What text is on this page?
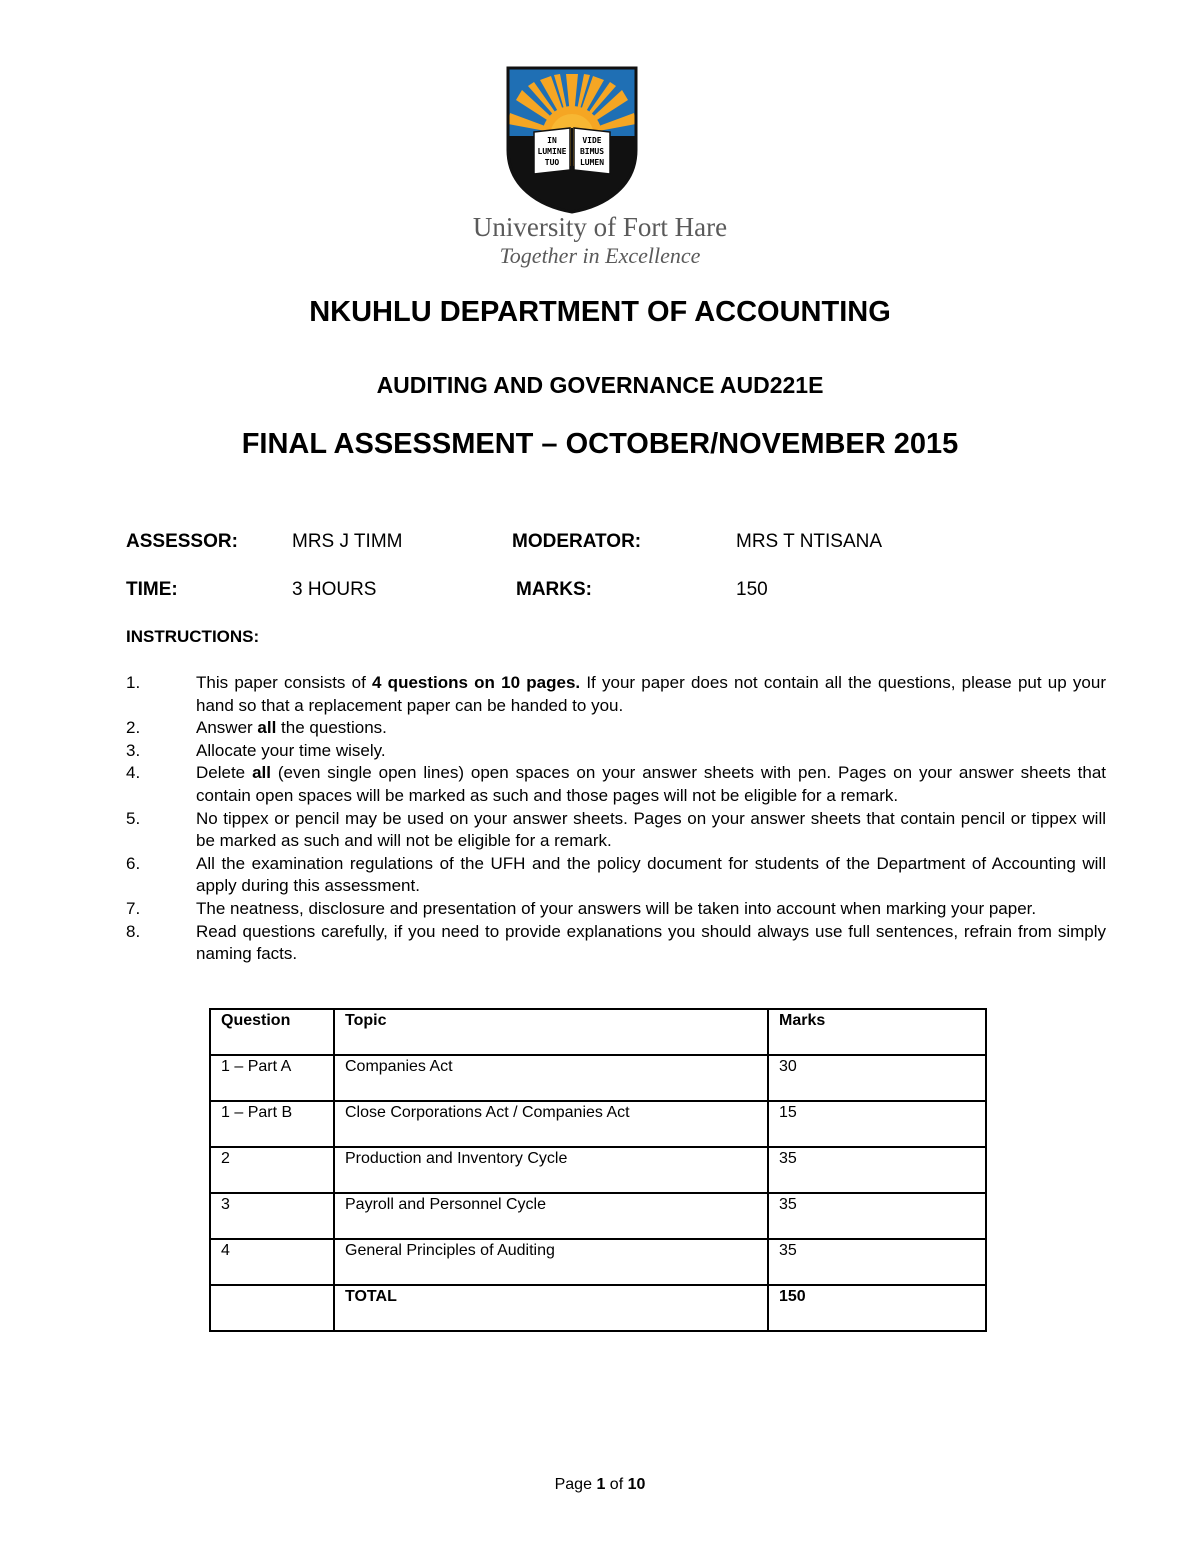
IN
LUMINE
TUO
VIDE
BIMUS
LUMEN
University of Fort Hare
Together in Excellence
NKUHLU DEPARTMENT OF ACCOUNTING
AUDITING AND GOVERNANCE AUD221E
FINAL ASSESSMENT – OCTOBER/NOVEMBER 2015
ASSESSOR:	MRS J TIMM	MODERATOR:	MRS T NTISANA
TIME:	3 HOURS	MARKS:	150
INSTRUCTIONS:
1.	This paper consists of 4 questions on 10 pages. If your paper does not contain all the questions, please put up your hand so that a replacement paper can be handed to you.
2.	Answer all the questions.
3.	Allocate your time wisely.
4.	Delete all (even single open lines) open spaces on your answer sheets with pen. Pages on your answer sheets that contain open spaces will be marked as such and those pages will not be eligible for a remark.
5.	No tippex or pencil may be used on your answer sheets. Pages on your answer sheets that contain pencil or tippex will be marked as such and will not be eligible for a remark.
6.	All the examination regulations of the UFH and the policy document for students of the Department of Accounting will apply during this assessment.
7.	The neatness, disclosure and presentation of your answers will be taken into account when marking your paper.
8.	Read questions carefully, if you need to provide explanations you should always use full sentences, refrain from simply naming facts.
Question	Topic	Marks
1 – Part A	Companies Act	30
1 – Part B	Close Corporations Act / Companies Act	15
2	Production and Inventory Cycle	35
3	Payroll and Personnel Cycle	35
4	General Principles of Auditing	35
	TOTAL	150
Page 1 of 10
